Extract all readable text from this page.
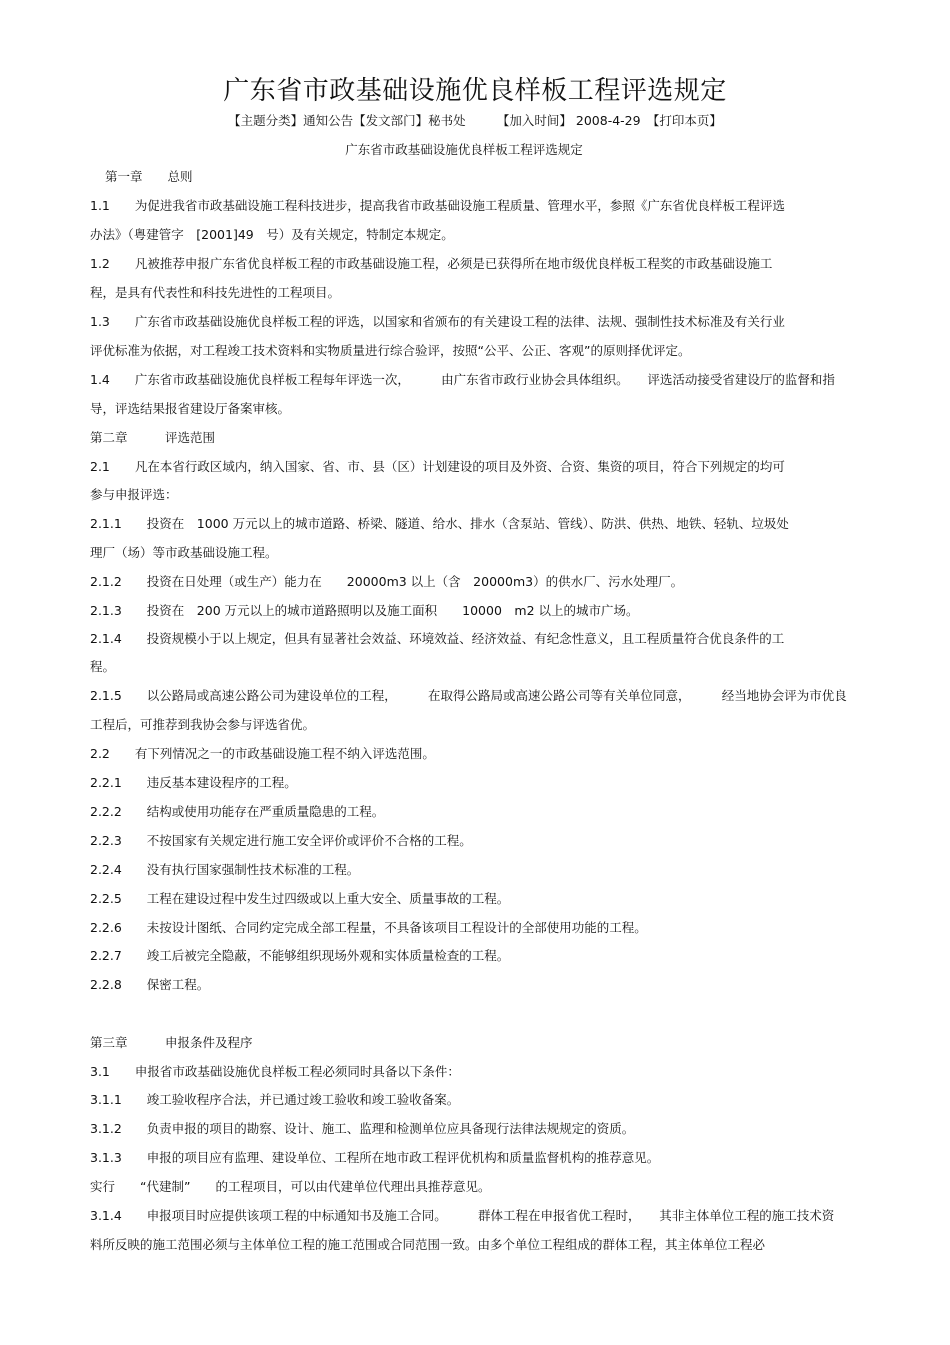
广东省市政基础设施优良样板工程评选规定
【主题分类】通知公告【发文部门】秘书处　　　【加入时间】 2008-4-29　【打印本页】
广东省市政基础设施优良样板工程评选规定
第一章　　总则
1.1　　为促进我省市政基础设施工程科技进步，提高我省市政基础设施工程质量、管理水平，参照《广东省优良样板工程评选
办法》（粤建管字　[2001]49　号）及有关规定，特制定本规定。
1.2　　凡被推荐申报广东省优良样板工程的市政基础设施工程，必须是已获得所在地市级优良样板工程奖的市政基础设施工
程，是具有代表性和科技先进性的工程项目。
1.3　　广东省市政基础设施优良样板工程的评选，以国家和省颁布的有关建设工程的法律、法规、强制性技术标准及有关行业
评优标准为依据，对工程竣工技术资料和实物质量进行综合验评，按照“公平、公正、客观”的原则择优评定。
1.4　　广东省市政基础设施优良样板工程每年评选一次，　　　由广东省市政行业协会具体组织。　　评选活动接受省建设厅的监督和指
导，评选结果报省建设厅备案审核。
第二章　　　评选范围
2.1　　凡在本省行政区域内，纳入国家、省、市、县（区）计划建设的项目及外资、合资、集资的项目，符合下列规定的均可
参与申报评选：
2.1.1　　投资在　1000 万元以上的城市道路、桥梁、隧道、给水、排水（含泵站、管线）、防洪、供热、地铁、轻轨、垃圾处
理厂（场）等市政基础设施工程。
2.1.2　　投资在日处理（或生产）能力在　　20000m3 以上（含　20000m3）的供水厂、污水处理厂。
2.1.3　　投资在　200 万元以上的城市道路照明以及施工面积　　10000　m2 以上的城市广场。
2.1.4　　投资规模小于以上规定，但具有显著社会效益、环境效益、经济效益、有纪念性意义，且工程质量符合优良条件的工
程。
2.1.5　　以公路局或高速公路公司为建设单位的工程，　　　在取得公路局或高速公路公司等有关单位同意，　　　经当地协会评为市优良
工程后，可推荐到我协会参与评选省优。
2.2　　有下列情况之一的市政基础设施工程不纳入评选范围。
2.2.1　　违反基本建设程序的工程。
2.2.2　　结构或使用功能存在严重质量隐患的工程。
2.2.3　　不按国家有关规定进行施工安全评价或评价不合格的工程。
2.2.4　　没有执行国家强制性技术标准的工程。
2.2.5　　工程在建设过程中发生过四级或以上重大安全、质量事故的工程。
2.2.6　　未按设计图纸、合同约定完成全部工程量，不具备该项目工程设计的全部使用功能的工程。
2.2.7　　竣工后被完全隐蔽，不能够组织现场外观和实体质量检查的工程。
2.2.8　　保密工程。
第三章　　　申报条件及程序
3.1　　申报省市政基础设施优良样板工程必须同时具备以下条件：
3.1.1　　竣工验收程序合法，并已通过竣工验收和竣工验收备案。
3.1.2　　负责申报的项目的勘察、设计、施工、监理和检测单位应具备现行法律法规规定的资质。
3.1.3　　申报的项目应有监理、建设单位、工程所在地市政工程评优机构和质量监督机构的推荐意见。
实行　　“代建制”　　的工程项目，可以由代建单位代理出具推荐意见。
3.1.4　　申报项目时应提供该项工程的中标通知书及施工合同。　　　群体工程在申报省优工程时，　　其非主体单位工程的施工技术资
料所反映的施工范围必须与主体单位工程的施工范围或合同范围一致。由多个单位工程组成的群体工程，其主体单位工程必
